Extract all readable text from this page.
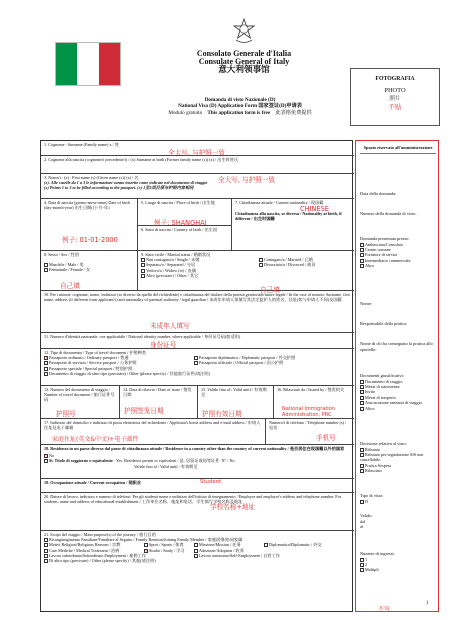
Consolato Generale d'Italia
Consulate General of Italy
意大利领事馆
Domanda di visto Nazionale (D)
National Visa (D) Application Form 国家签证(D)申请表
Modulo gratuito This application form is free 此表格免费提供
FOTOGRAFIA
PHOTO
照片
不贴
1. Cognome : Surname (Family name) x / 姓
2. Cognome alla nascita (cognome/i precedente/i) / (x) Surname at birth (Former family name (s)) (x) / 出生时姓氏
3. Nome/i : (x) : First name (s) (Given name (s)) (x) / 名
(x). Alle caselle da 1 a 3 le informazioni vanno inserite come indicate nel documento di viaggio
(x) Points 1 to 3 to be filled according to the passport. (x) 1至3项目须与护照内容相同
4. Data di nascita (giorno-mese-anno) Date of birth (day-month-year) 出生日期(日-月-年)
5. Luogo di nascita / Place of birth / 出生地
6. Stato di nascita / Country of birth / 出生国
7. Cittadinanza attuale / Current nationality / 现国籍
Cittadinanza alla nascita, se diversa / Nationality at birth, if different / 出生时国籍
8. Sesso / Sex / 性别
Maschile / Male / 男
Femminile / Female / 女
9. Stato civile / Marital status / 婚姻状况
Non coniugato/a / Single / 未婚	Coniugato/a / Married / 已婚
Separato/a / Separated / 分居	Divorziato/a / Divorced / 离异
Vedovo/a / Widow (er) / 丧偶
Altro (precisare) / Other / 其它
10. Per i minori: cognome, nome, indirizzo (se diverso da quello del richiedente) e cittadinanza del titolare della potestà genitoriale/tutore legale / In the case of minors: Surname, first name, address (if different from applicant's) and nationality of parental authority / legal guardian / 未成年申请人须填写其法定监护人的姓名、住址(如与申请人不同)及国籍
11. Numero d'identità nazionale, ove applicabile / National identity number, where applicable / 身份证号码(如适用)
12. Tipo di documento / Type of travel document / 护照种类
✓Passaporto ordinario / Ordinary passport / 普通	Passaporto diplomatico / Diplomatic passport / 外交护照
Passaporto di servizio / Service passport / 公务护照	Passaporto ufficiale / Official passport / 因公护照
Passaporto speciale / Special passport / 特别护照
Documento di viaggio di altro tipo (precisare) / Other (please specify) / 其他旅行证件(请注明)
13. Numero del documento di viaggio / Number of travel document / 旅行证件号码
14. Data di rilascio / Date of issue / 签发日期
15. Valido fino al / Valid until / 有效期至
16. Rilasciato da / Issued by / 签发机关
17. Indirizzo del domicilio e indirizzo di posta elettronica del richiedente / Applicant's home address and e-mail address / 申请人住址及电子邮箱
Numero/i di telefono / Telephone number (s) / 电话
18. Residenza in un paese diverso dal paese di cittadinanza attuale / Residence in a country other than the country of current nationality / 是否居住在现国籍以外的国家
✓No
Sì. Titolo di soggiorno o equivalente : Yes. Residence permit or equivalent / 是, 居留证或同等证件 N° / No
Valido fino al / Valid until / 有效期至
19. Occupazione attuale / Current occupation / 现职业
20. Datore di lavoro, indirizzo e numero di telefono. Per gli studenti nome e indirizzo dell'istituto di insegnamento / Employer and employer's address and telephone number. For students, name and address of educational establishment / 工作单位名称、地址和电话。学生填写学校名称及地址
21. Scopo del viaggio / Main purpose(s) of the journey / 旅行目的
Ricongiungimento Familiare/Familiare al Seguito / Family Reunion/Joining Family Member / 家庭团聚/陪同家属
Motivi Religiosi/Religious Reasons / 宗教	Sport / Sports / 体育	Missione/Mission / 任务	Diplomatico/Diplomatic / 外交
Cure Mediche / Medical Treatment / 治病	✓Studio / Study / 学习	Adozione/Adoption / 收养
Lavoro subordinato/Subordinate Employment / 雇佣工作	Lavoro autonomo/Self-Employment / 自营工作
Di altro tipo (precisare) / Other (please specify) / 其他(请注明)
全大写, 与护照一致
全大写, 与护照一致
CHINESE
例子: 01-01-2000
例子: SHANGHAI
自己填	自己填
未成年人填写
身份证号
护照号	护照签发日期	护照有效日期
National Immigration Administration, PRC
家庭住址(英文&中文)+电子邮件	手机号
学校名称+地址
Student
不写
Spazio riservato all'amministrazione
Data della domanda:
Numero della domanda di visto:
Domanda presentata presso:
Ambasciata/Consolato
Centro comune
Fornitore di servizi
Intermediario commerciale
Altro
Nome:
Responsabile della pratica:
Nome di chi ha consegnato la pratica allo sportello:
Documenti giustificativi:
Documento di viaggio
Mezzi di sussistenza
Invito
Mezzi di trasporto
Assicurazione sanitaria di viaggio
Altro:
Decisione relativa al visto:
Rifiutato
Rifiutato per segnalazione SIS non cancellabile.
Pratica Sospesa
Rilasciato
Tipo di visto:
D
Valido:
dal
al
Numero di ingressi:
1
2
Multipli
不写
1
